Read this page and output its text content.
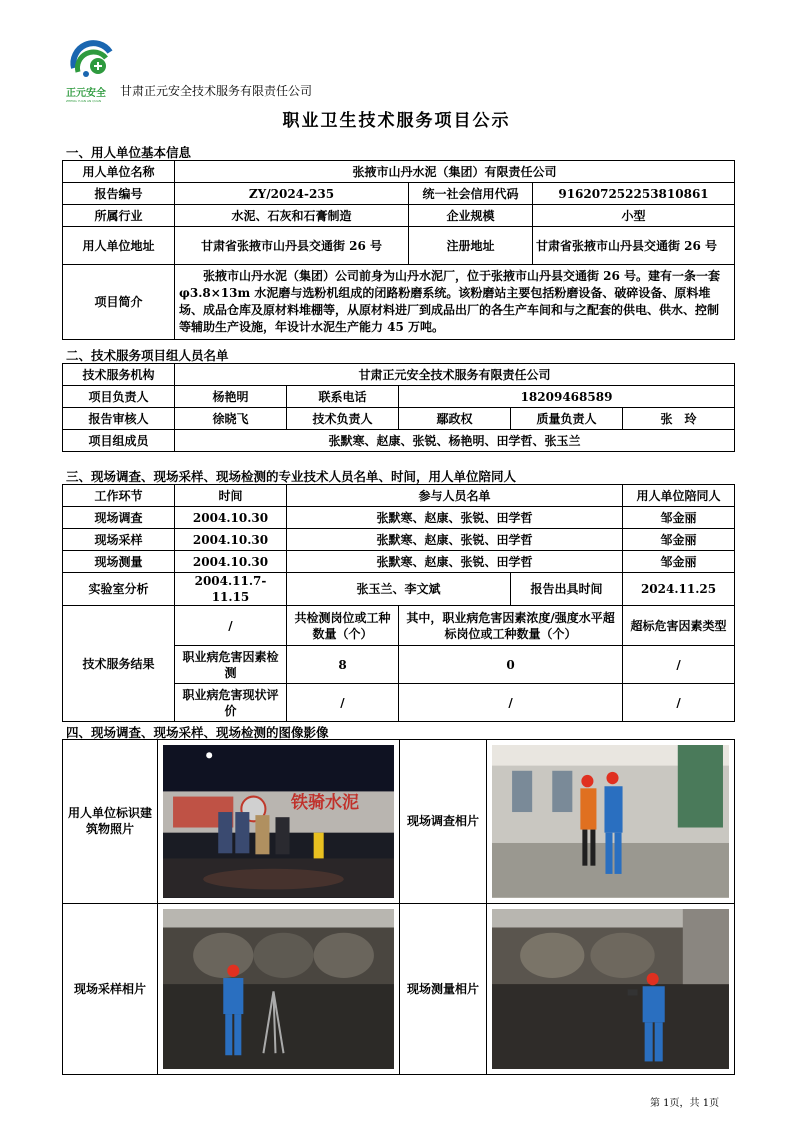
正元安全
ZHENG YUAN AN QUAN
甘肃正元安全技术服务有限责任公司
职业卫生技术服务项目公示
一、用人单位基本信息
用人单位名称	张掖市山丹水泥（集团）有限责任公司		
报告编号	ZY/2024-235	统一社会信用代码	916207252253810861
所属行业	水泥、石灰和石膏制造	企业规模	小型
用人单位地址	甘肃省张掖市山丹县交通街 26 号	注册地址	甘肃省张掖市山丹县交通街 26 号
项目简介	张掖市山丹水泥（集团）公司前身为山丹水泥厂，位于张掖市山丹县交通街 26 号。建有一条一套 φ3.8×13m 水泥磨与选粉机组成的闭路粉磨系统。该粉磨站主要包括粉磨设备、破碎设备、原料堆场、成品仓库及原材料堆棚等，从原材料进厂到成品出厂的各生产车间和与之配套的供电、供水、控制等辅助生产设施，年设计水泥生产能力 45 万吨。		
二、技术服务项目组人员名单
技术服务机构	甘肃正元安全技术服务有限责任公司				
项目负责人	杨艳明	联系电话	18209468589		
报告审核人	徐晓飞	技术负责人	鄢政权	质量负责人	张　玲
项目组成员	张默寒、赵康、张锐、杨艳明、田学哲、张玉兰				
三、现场调查、现场采样、现场检测的专业技术人员名单、时间，用人单位陪同人
工作环节	时间	参与人员名单			用人单位陪同人
现场调查	2004.10.30	张默寒、赵康、张锐、田学哲			邹金丽
现场采样	2004.10.30	张默寒、赵康、张锐、田学哲			邹金丽
现场测量	2004.10.30	张默寒、赵康、张锐、田学哲			邹金丽
实验室分析	2004.11.7-11.15	张玉兰、李文斌		报告出具时间	2024.11.25
技术服务结果	/	共检测岗位或工种数量（个）	其中，职业病危害因素浓度/强度水平超标岗位或工种数量（个）		超标危害因素类型
	职业病危害因素检测	8	0		/
	职业病危害现状评价	/	/		/
四、现场调查、现场采样、现场检测的图像影像
用人单位标识建筑物照片	铁骑水泥	现场调查相片	

现场采样相片		现场测量相片	
第 1页，共 1页
